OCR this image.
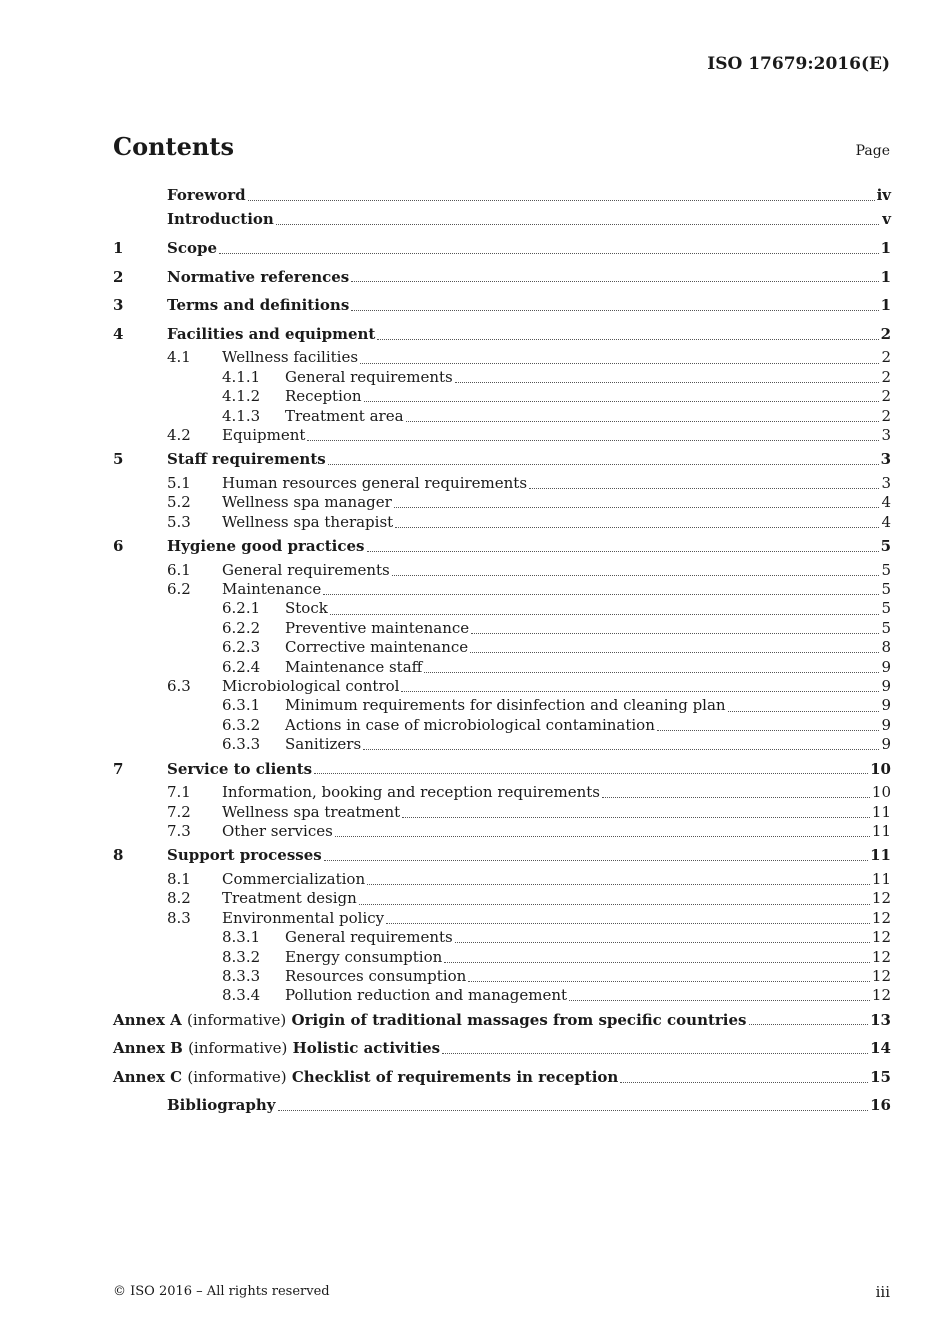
ISO 17679:2016(E)
Contents	Page
Foreword	iv
Introduction	v
1	Scope	1
2	Normative references	1
3	Terms and definitions	1
4	Facilities and equipment	2
4.1	Wellness facilities	2
4.1.1	General requirements	2
4.1.2	Reception	2
4.1.3	Treatment area	2
4.2	Equipment	3
5	Staff requirements	3
5.1	Human resources general requirements	3
5.2	Wellness spa manager	4
5.3	Wellness spa therapist	4
6	Hygiene good practices	5
6.1	General requirements	5
6.2	Maintenance	5
6.2.1	Stock	5
6.2.2	Preventive maintenance	5
6.2.3	Corrective maintenance	8
6.2.4	Maintenance staff	9
6.3	Microbiological control	9
6.3.1	Minimum requirements for disinfection and cleaning plan	9
6.3.2	Actions in case of microbiological contamination	9
6.3.3	Sanitizers	9
7	Service to clients	10
7.1	Information, booking and reception requirements	10
7.2	Wellness spa treatment	11
7.3	Other services	11
8	Support processes	11
8.1	Commercialization	11
8.2	Treatment design	12
8.3	Environmental policy	12
8.3.1	General requirements	12
8.3.2	Energy consumption	12
8.3.3	Resources consumption	12
8.3.4	Pollution reduction and management	12
Annex A (informative) Origin of traditional massages from specific countries	13
Annex B (informative) Holistic activities	14
Annex C (informative) Checklist of requirements in reception	15
Bibliography	16
© ISO 2016 – All rights reserved	iii
